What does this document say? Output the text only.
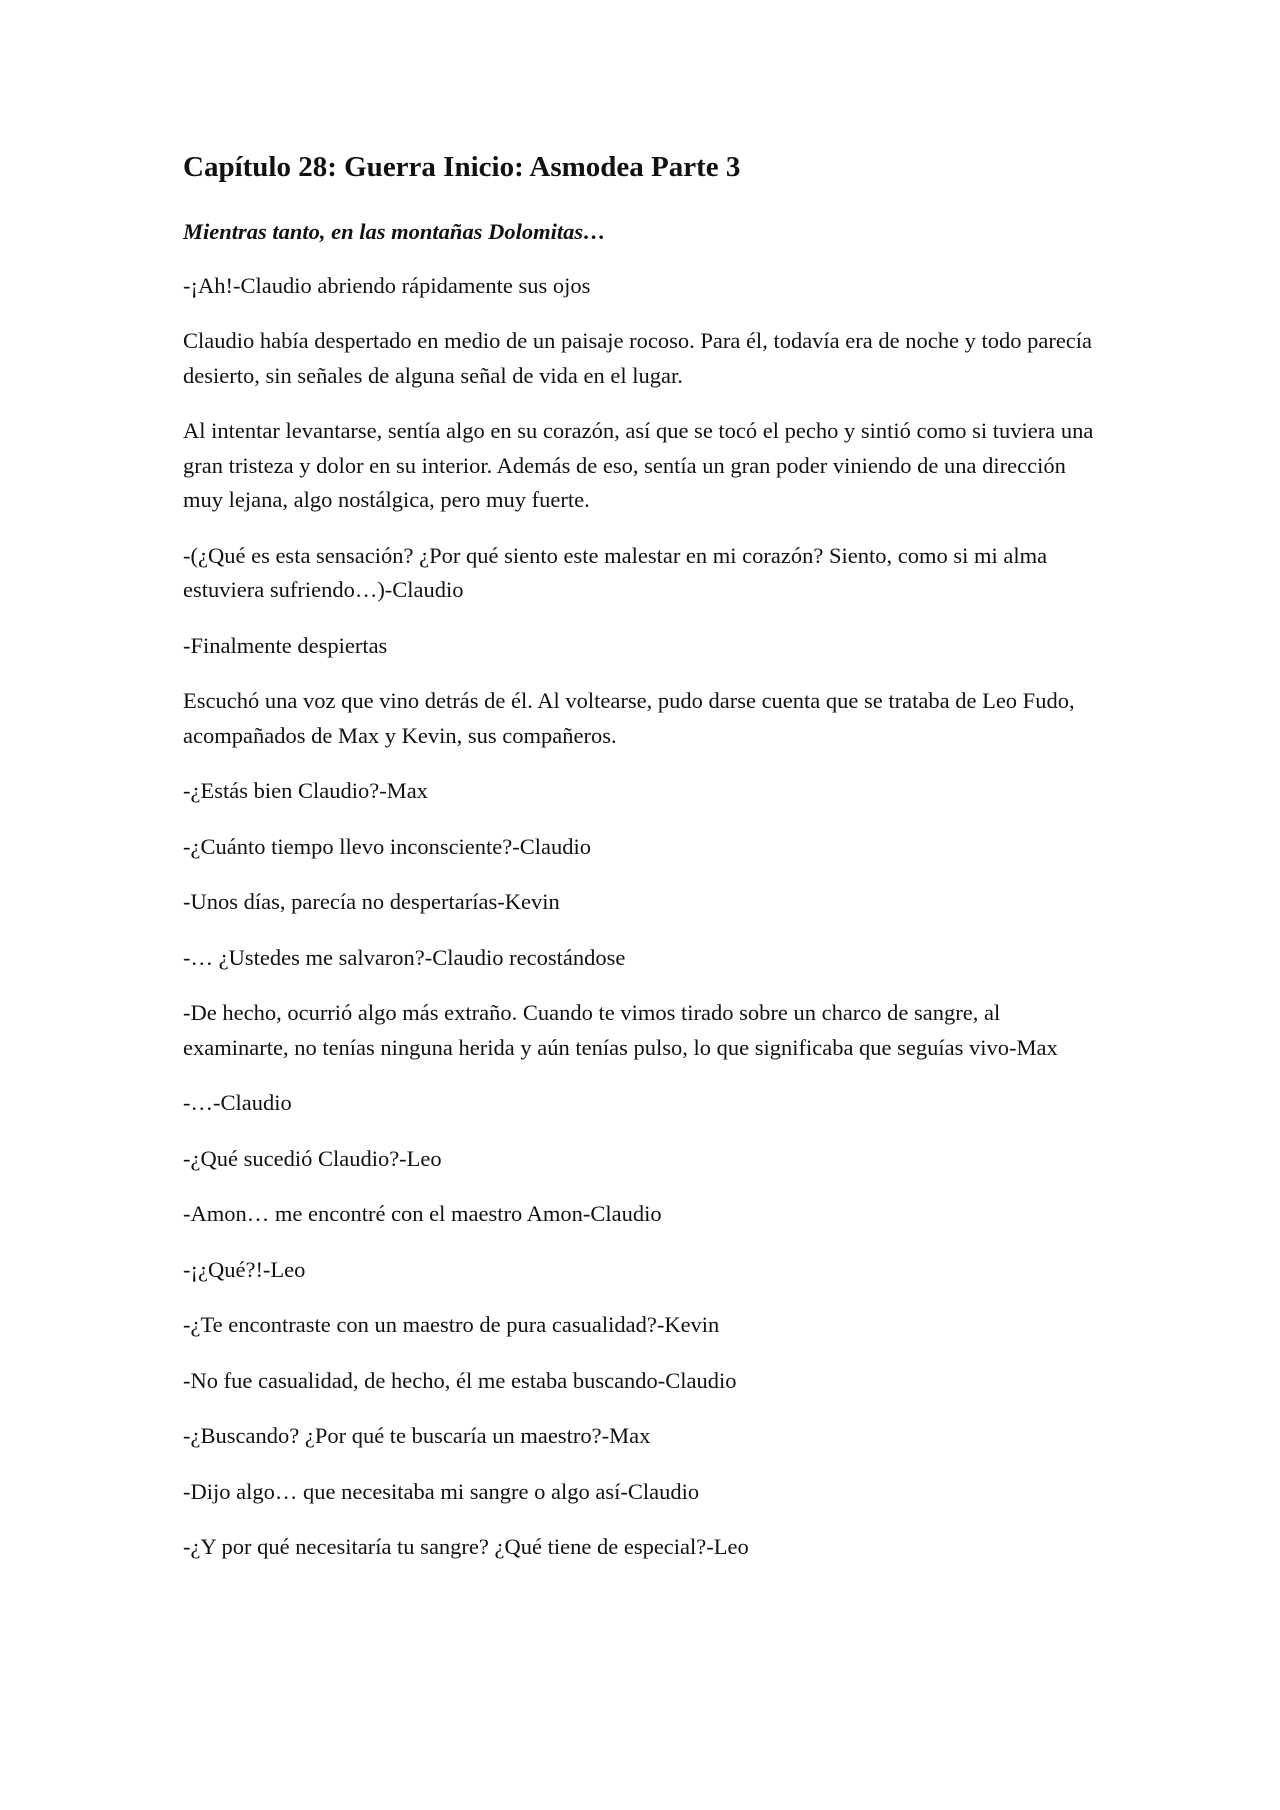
Capítulo 28: Guerra Inicio: Asmodea Parte 3

Mientras tanto, en las montañas Dolomitas…

-¡Ah!-Claudio abriendo rápidamente sus ojos

Claudio había despertado en medio de un paisaje rocoso. Para él, todavía era de noche y todo parecía desierto, sin señales de alguna señal de vida en el lugar.

Al intentar levantarse, sentía algo en su corazón, así que se tocó el pecho y sintió como si tuviera una gran tristeza y dolor en su interior. Además de eso, sentía un gran poder viniendo de una dirección muy lejana, algo nostálgica, pero muy fuerte.

-(¿Qué es esta sensación? ¿Por qué siento este malestar en mi corazón? Siento, como si mi alma estuviera sufriendo…)-Claudio

-Finalmente despiertas

Escuchó una voz que vino detrás de él. Al voltearse, pudo darse cuenta que se trataba de Leo Fudo, acompañados de Max y Kevin, sus compañeros.

-¿Estás bien Claudio?-Max

-¿Cuánto tiempo llevo inconsciente?-Claudio

-Unos días, parecía no despertarías-Kevin

-… ¿Ustedes me salvaron?-Claudio recostándose

-De hecho, ocurrió algo más extraño. Cuando te vimos tirado sobre un charco de sangre, al examinarte, no tenías ninguna herida y aún tenías pulso, lo que significaba que seguías vivo-Max

-…-Claudio

-¿Qué sucedió Claudio?-Leo

-Amon… me encontré con el maestro Amon-Claudio

-¡¿Qué?!-Leo

-¿Te encontraste con un maestro de pura casualidad?-Kevin

-No fue casualidad, de hecho, él me estaba buscando-Claudio

-¿Buscando? ¿Por qué te buscaría un maestro?-Max

-Dijo algo… que necesitaba mi sangre o algo así-Claudio

-¿Y por qué necesitaría tu sangre? ¿Qué tiene de especial?-Leo
